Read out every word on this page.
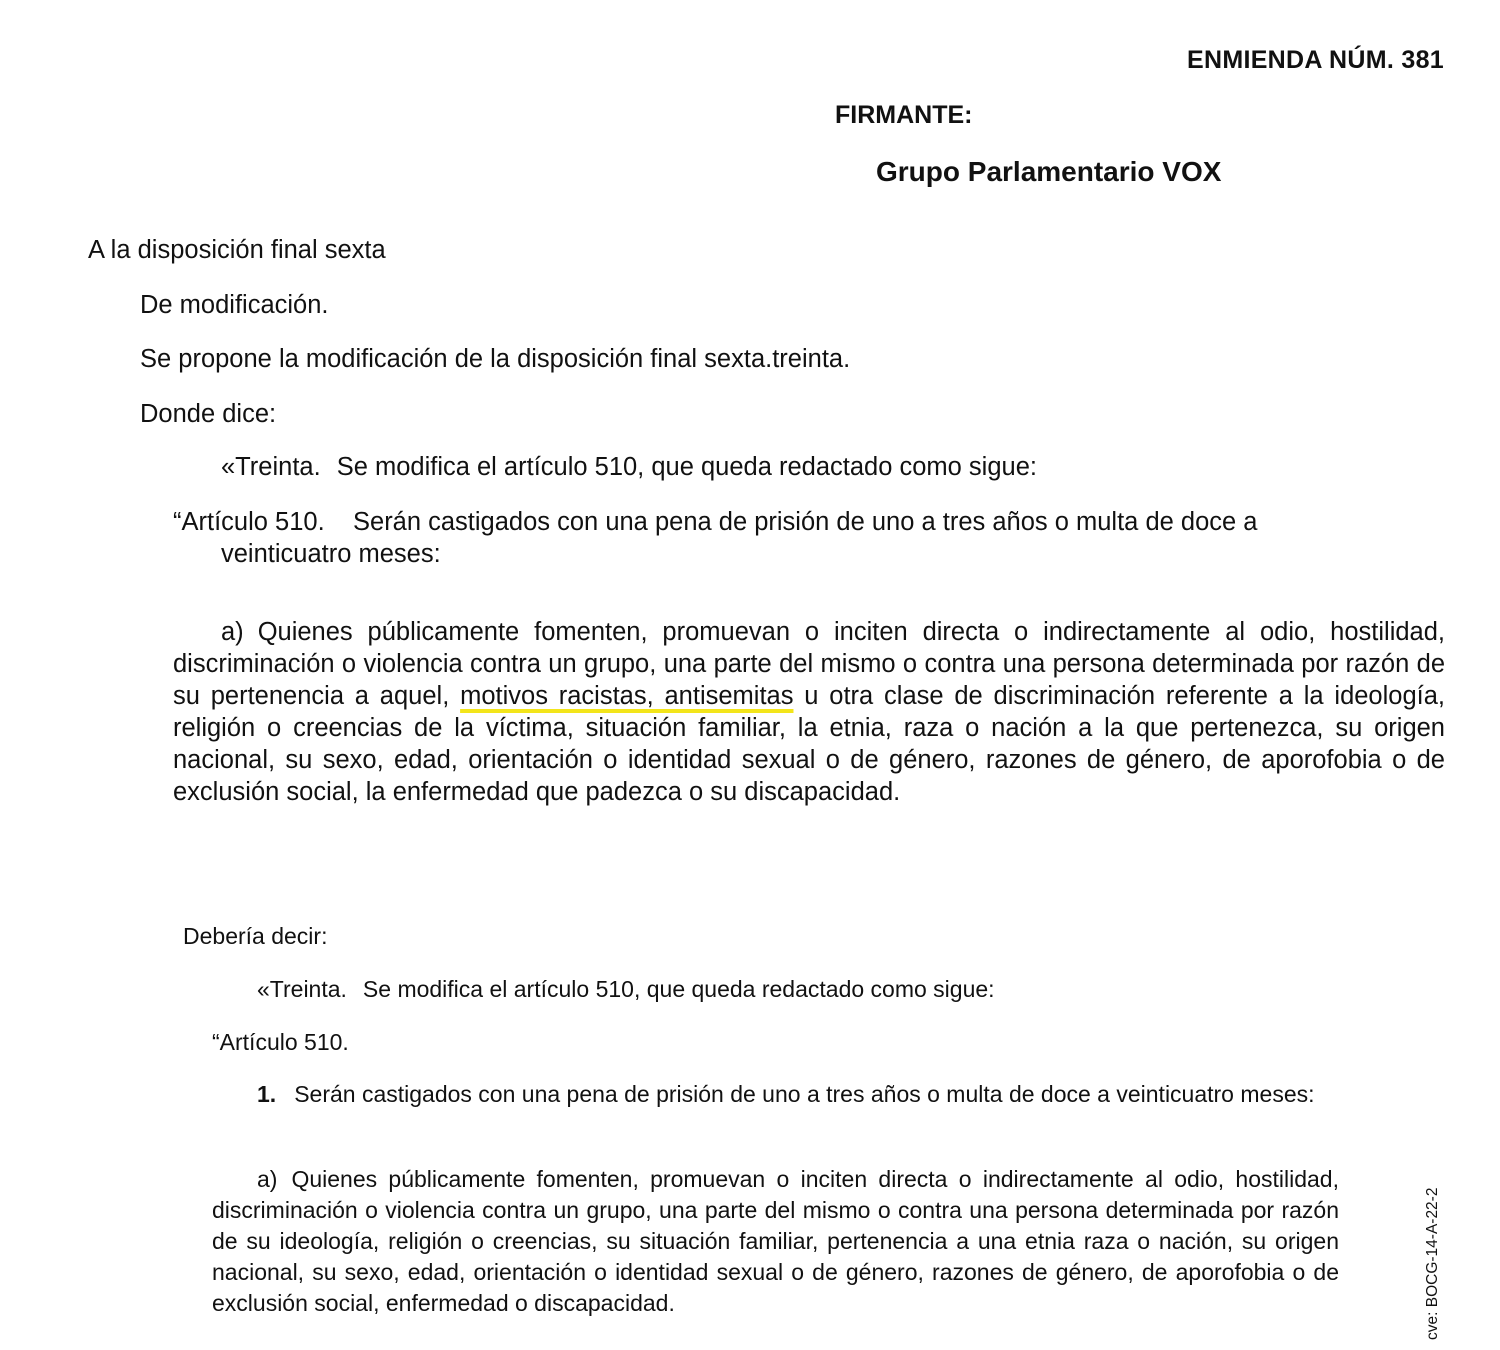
ENMIENDA NÚM. 381

FIRMANTE:

Grupo Parlamentario VOX

A la disposición final sexta

De modificación.

Se propone la modificación de la disposición final sexta.treinta.

Donde dice:

«Treinta. Se modifica el artículo 510, que queda redactado como sigue:

“Artículo 510. Serán castigados con una pena de prisión de uno a tres años o multa de doce a
veinticuatro meses:

a) Quienes públicamente fomenten, promuevan o inciten directa o indirectamente al odio, hostilidad, discriminación o violencia contra un grupo, una parte del mismo o contra una persona determinada por razón de su pertenencia a aquel, motivos racistas, antisemitas u otra clase de discriminación referente a la ideología, religión o creencias de la víctima, situación familiar, la etnia, raza o nación a la que pertenezca, su origen nacional, su sexo, edad, orientación o identidad sexual o de género, razones de género, de aporofobia o de exclusión social, la enfermedad que padezca o su discapacidad.

Debería decir:

«Treinta. Se modifica el artículo 510, que queda redactado como sigue:

“Artículo 510.

1. Serán castigados con una pena de prisión de uno a tres años o multa de doce a veinticuatro meses:

a) Quienes públicamente fomenten, promuevan o inciten directa o indirectamente al odio, hostilidad, discriminación o violencia contra un grupo, una parte del mismo o contra una persona determinada por razón de su ideología, religión o creencias, su situación familiar, pertenencia a una etnia raza o nación, su origen nacional, su sexo, edad, orientación o identidad sexual o de género, razones de género, de aporofobia o de exclusión social, enfermedad o discapacidad.	cve: BOCG-14-A-22-2
